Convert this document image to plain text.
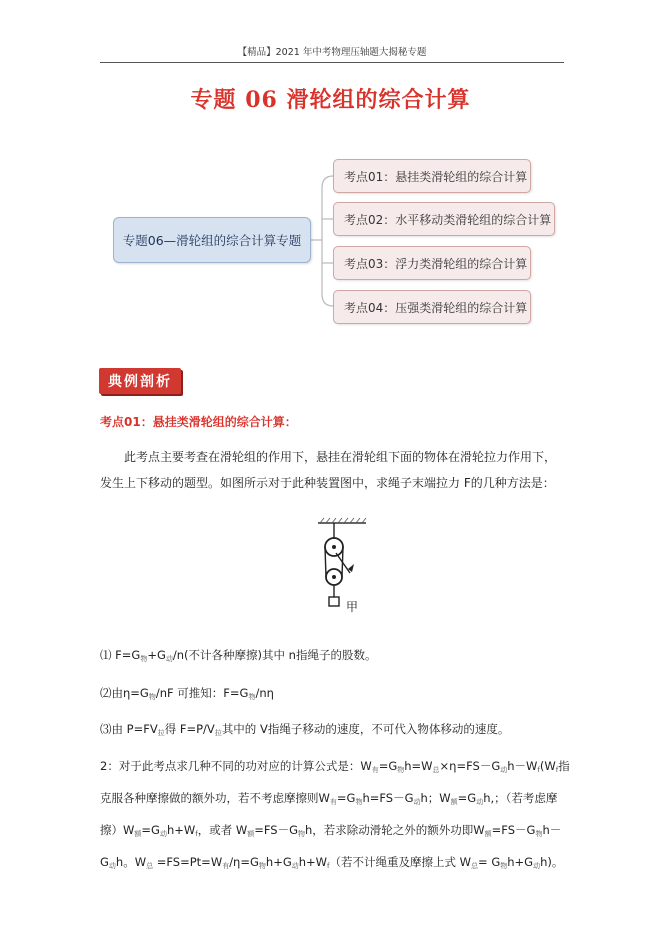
【精品】2021 年中考物理压轴题大揭秘专题
专题 06 滑轮组的综合计算
专题06—滑轮组的综合计算专题
考点01：悬挂类滑轮组的综合计算
考点02：水平移动类滑轮组的综合计算
考点03：浮力类滑轮组的综合计算
考点04：压强类滑轮组的综合计算
典例剖析
考点01：悬挂类滑轮组的综合计算：
此考点主要考查在滑轮组的作用下，悬挂在滑轮组下面的物体在滑轮拉力作用下，发生上下移动的题型。如图所示对于此种装置图中，求绳子末端拉力 F的几种方法是：
甲
⑴ $F=G_物+G_动/n$(不计各种摩擦)其中 n指绳子的股数。
⑵由$\eta=G_物/nF$ 可推知：$F=G_物/n\eta$
⑶由 $P=FV_拉$得 $F=P/V_拉$其中的 V指绳子移动的速度，不可代入物体移动的速度。
2：对于此考点求几种不同的功对应的计算公式是：$W_有=G_物h=W_总\times\eta=FS-G_动h-W_f(W_f$指克服各种摩擦做的额外功，若不考虑摩擦则$W_有=G_物h=FS-G_动h$；$W_额=G_动h$,；（若考虑摩擦）$W_额=G_动h+W_f$，或者 $W_额=FS-G_物h$，若求除动滑轮之外的额外功即$W_额=FS-G_物h-G_动h$。$W_总 =FS=Pt=W_有/\eta=G_物h+G_动h+W_f$（若不计绳重及摩擦上式 $W_总= G_物h+G_动h$)。
